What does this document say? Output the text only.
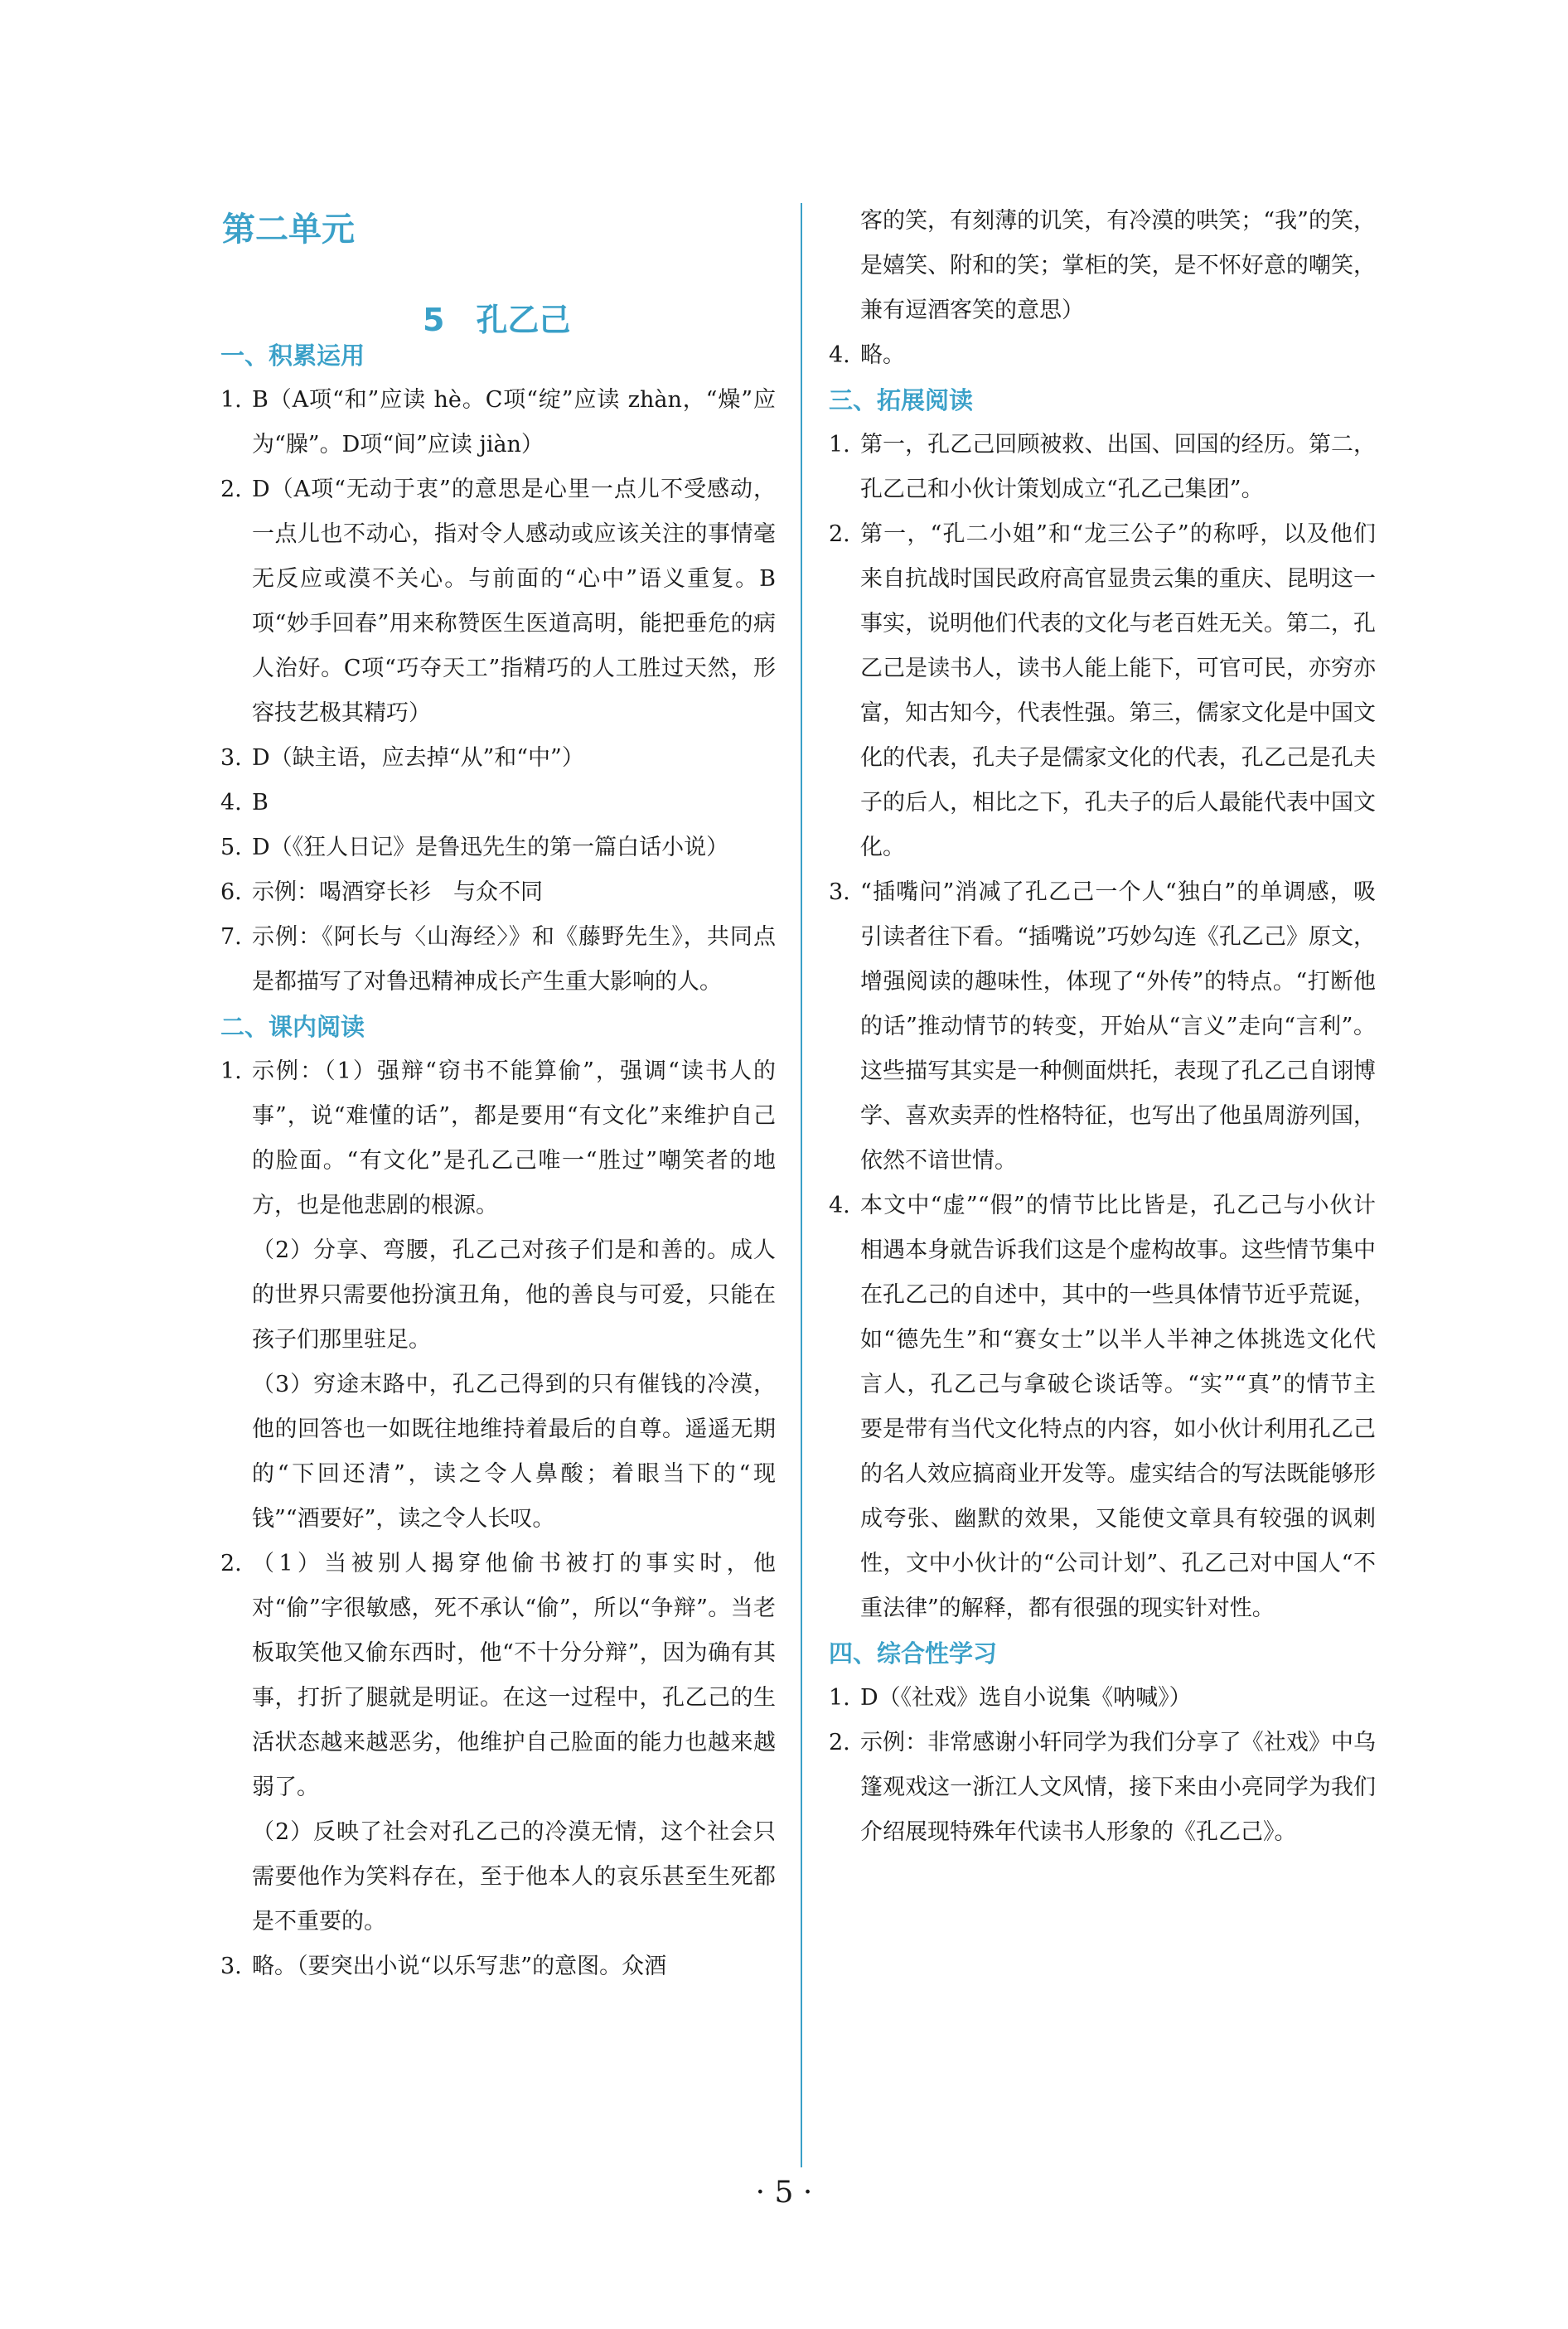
第二单元
5　孔乙己

一、积累运用

1. B（A项“和”应读 hè。C项“绽”应读 zhàn，“燥”应为“臊”。D项“间”应读 jiàn）
2. D（A项“无动于衷”的意思是心里一点儿不受感动，一点儿也不动心，指对令人感动或应该关注的事情毫无反应或漠不关心。与前面的“心中”语义重复。B项“妙手回春”用来称赞医生医道高明，能把垂危的病人治好。C项“巧夺天工”指精巧的人工胜过天然，形容技艺极其精巧）
3. D（缺主语，应去掉“从”和“中”）
4. B
5. D（《狂人日记》是鲁迅先生的第一篇白话小说）
6. 示例：喝酒穿长衫　与众不同
7. 示例：《阿长与〈山海经〉》和《藤野先生》，共同点是都描写了对鲁迅精神成长产生重大影响的人。

二、课内阅读

1. 示例：（1）强辩“窃书不能算偷”，强调“读书人的事”，说“难懂的话”，都是要用“有文化”来维护自己的脸面。“有文化”是孔乙己唯一“胜过”嘲笑者的地方，也是他悲剧的根源。

（2）分享、弯腰，孔乙己对孩子们是和善的。成人的世界只需要他扮演丑角，他的善良与可爱，只能在孩子们那里驻足。

（3）穷途末路中，孔乙己得到的只有催钱的冷漠，他的回答也一如既往地维持着最后的自尊。遥遥无期的“下回还清”，读之令人鼻酸；着眼当下的“现钱”“酒要好”，读之令人长叹。

2. （1）当被别人揭穿他偷书被打的事实时，他对“偷”字很敏感，死不承认“偷”，所以“争辩”。当老板取笑他又偷东西时，他“不十分分辩”，因为确有其事，打折了腿就是明证。在这一过程中，孔乙己的生活状态越来越恶劣，他维护自己脸面的能力也越来越弱了。

（2）反映了社会对孔乙己的冷漠无情，这个社会只需要他作为笑料存在，至于他本人的哀乐甚至生死都是不重要的。

3. 略。（要突出小说“以乐写悲”的意图。众酒

客的笑，有刻薄的讥笑，有冷漠的哄笑；“我”的笑，是嬉笑、附和的笑；掌柜的笑，是不怀好意的嘲笑，兼有逗酒客笑的意思）

4. 略。

三、拓展阅读

1. 第一，孔乙己回顾被救、出国、回国的经历。第二，孔乙己和小伙计策划成立“孔乙己集团”。
2. 第一，“孔二小姐”和“龙三公子”的称呼，以及他们来自抗战时国民政府高官显贵云集的重庆、昆明这一事实，说明他们代表的文化与老百姓无关。第二，孔乙己是读书人，读书人能上能下，可官可民，亦穷亦富，知古知今，代表性强。第三，儒家文化是中国文化的代表，孔夫子是儒家文化的代表，孔乙己是孔夫子的后人，相比之下，孔夫子的后人最能代表中国文化。
3. “插嘴问”消减了孔乙己一个人“独白”的单调感，吸引读者往下看。“插嘴说”巧妙勾连《孔乙己》原文，增强阅读的趣味性，体现了“外传”的特点。“打断他的话”推动情节的转变，开始从“言义”走向“言利”。这些描写其实是一种侧面烘托，表现了孔乙己自诩博学、喜欢卖弄的性格特征，也写出了他虽周游列国，依然不谙世情。
4. 本文中“虚”“假”的情节比比皆是，孔乙己与小伙计相遇本身就告诉我们这是个虚构故事。这些情节集中在孔乙己的自述中，其中的一些具体情节近乎荒诞，如“德先生”和“赛女士”以半人半神之体挑选文化代言人，孔乙己与拿破仑谈话等。“实”“真”的情节主要是带有当代文化特点的内容，如小伙计利用孔乙己的名人效应搞商业开发等。虚实结合的写法既能够形成夸张、幽默的效果，又能使文章具有较强的讽刺性，文中小伙计的“公司计划”、孔乙己对中国人“不重法律”的解释，都有很强的现实针对性。

四、综合性学习

1. D（《社戏》选自小说集《呐喊》）
2. 示例：非常感谢小轩同学为我们分享了《社戏》中乌篷观戏这一浙江人文风情，接下来由小亮同学为我们介绍展现特殊年代读书人形象的《孔乙己》。
· 5 ·
